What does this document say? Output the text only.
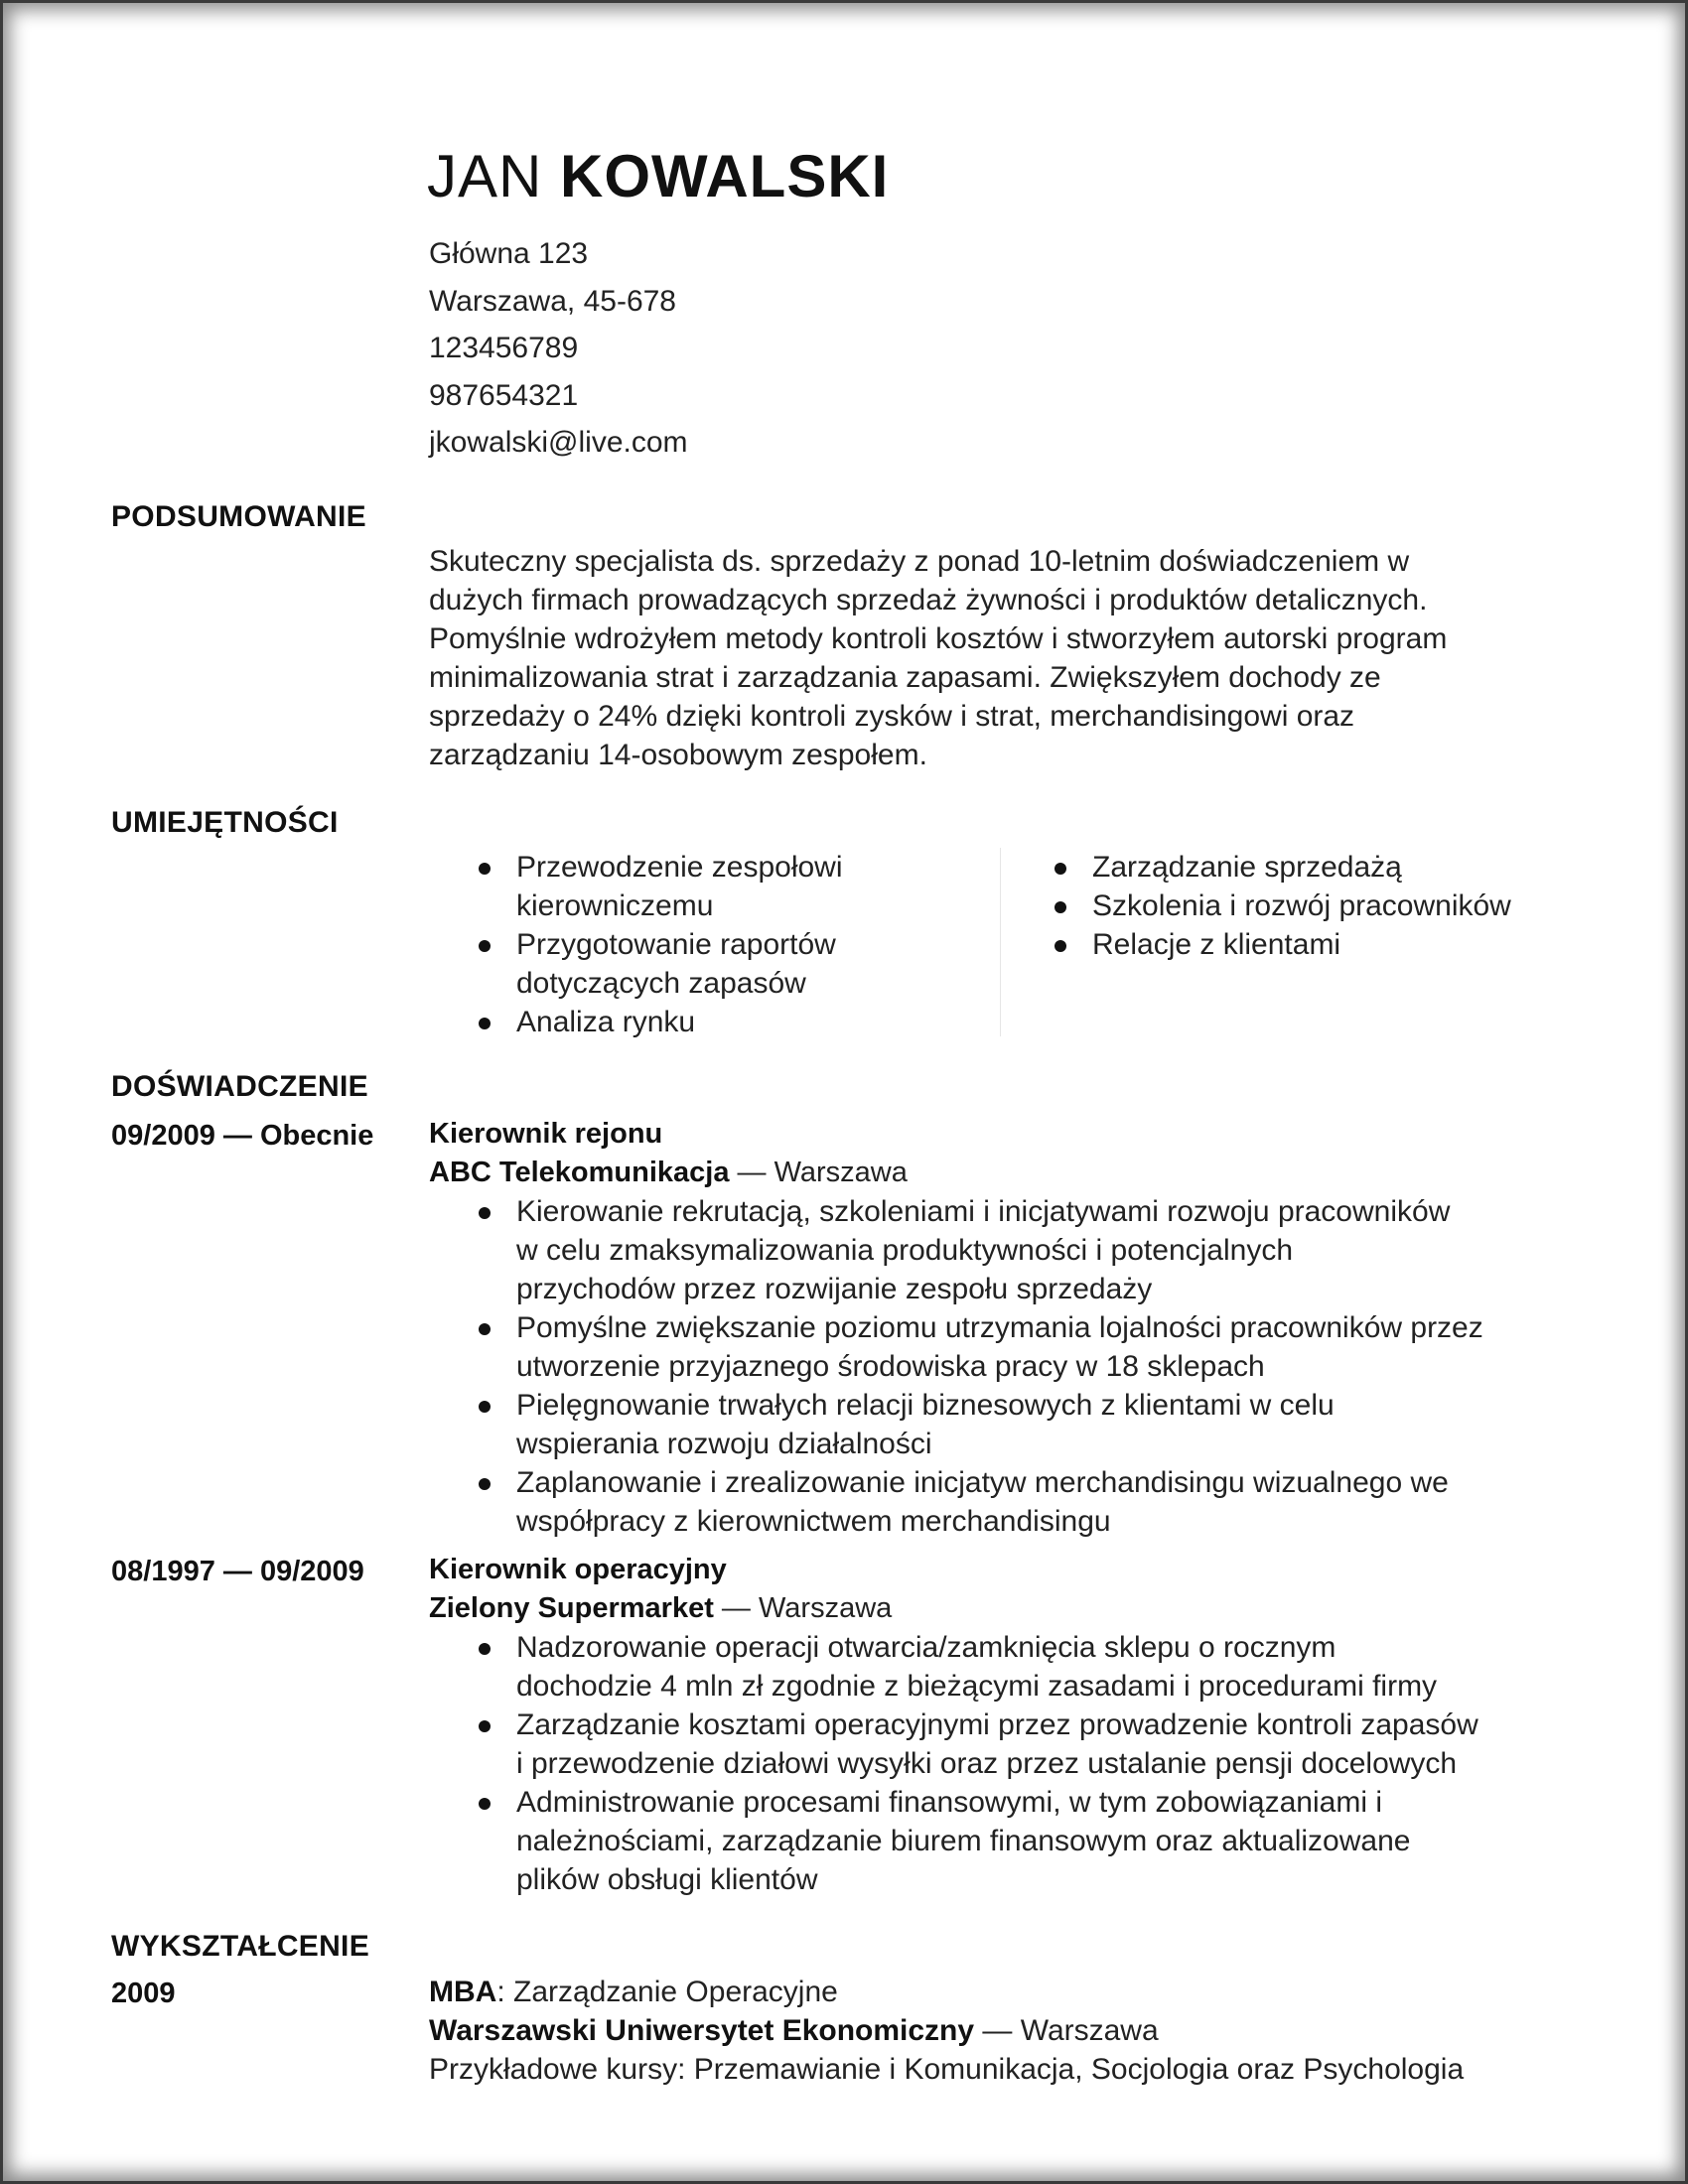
JAN KOWALSKI
Główna 123
Warszawa, 45-678
123456789
987654321
jkowalski@live.com
PODSUMOWANIE
Skuteczny specjalista ds. sprzedaży z ponad 10-letnim doświadczeniem w
dużych firmach prowadzących sprzedaż żywności i produktów detalicznych.
Pomyślnie wdrożyłem metody kontroli kosztów i stworzyłem autorski program
minimalizowania strat i zarządzania zapasami. Zwiększyłem dochody ze
sprzedaży o 24% dzięki kontroli zysków i strat, merchandisingowi oraz
zarządzaniu 14-osobowym zespołem.
UMIEJĘTNOŚCI
Przewodzenie zespołowi
kierowniczemu
Przygotowanie raportów
dotyczących zapasów
Analiza rynku
Zarządzanie sprzedażą
Szkolenia i rozwój pracowników
Relacje z klientami
DOŚWIADCZENIE
09/2009 — Obecnie Kierownik rejonu
ABC Telekomunikacja — Warszawa
Kierowanie rekrutacją, szkoleniami i inicjatywami rozwoju pracowników
w celu zmaksymalizowania produktywności i potencjalnych
przychodów przez rozwijanie zespołu sprzedaży
Pomyślne zwiększanie poziomu utrzymania lojalności pracowników przez
utworzenie przyjaznego środowiska pracy w 18 sklepach
Pielęgnowanie trwałych relacji biznesowych z klientami w celu
wspierania rozwoju działalności
Zaplanowanie i zrealizowanie inicjatyw merchandisingu wizualnego we
współpracy z kierownictwem merchandisingu
08/1997 — 09/2009 Kierownik operacyjny
Zielony Supermarket — Warszawa
Nadzorowanie operacji otwarcia/zamknięcia sklepu o rocznym
dochodzie 4 mln zł zgodnie z bieżącymi zasadami i procedurami firmy
Zarządzanie kosztami operacyjnymi przez prowadzenie kontroli zapasów
i przewodzenie działowi wysyłki oraz przez ustalanie pensji docelowych
Administrowanie procesami finansowymi, w tym zobowiązaniami i
należnościami, zarządzanie biurem finansowym oraz aktualizowane
plików obsługi klientów
WYKSZTAŁCENIE
2009	MBA: Zarządzanie Operacyjne
Warszawski Uniwersytet Ekonomiczny — Warszawa
Przykładowe kursy: Przemawianie i Komunikacja, Socjologia oraz Psychologia
